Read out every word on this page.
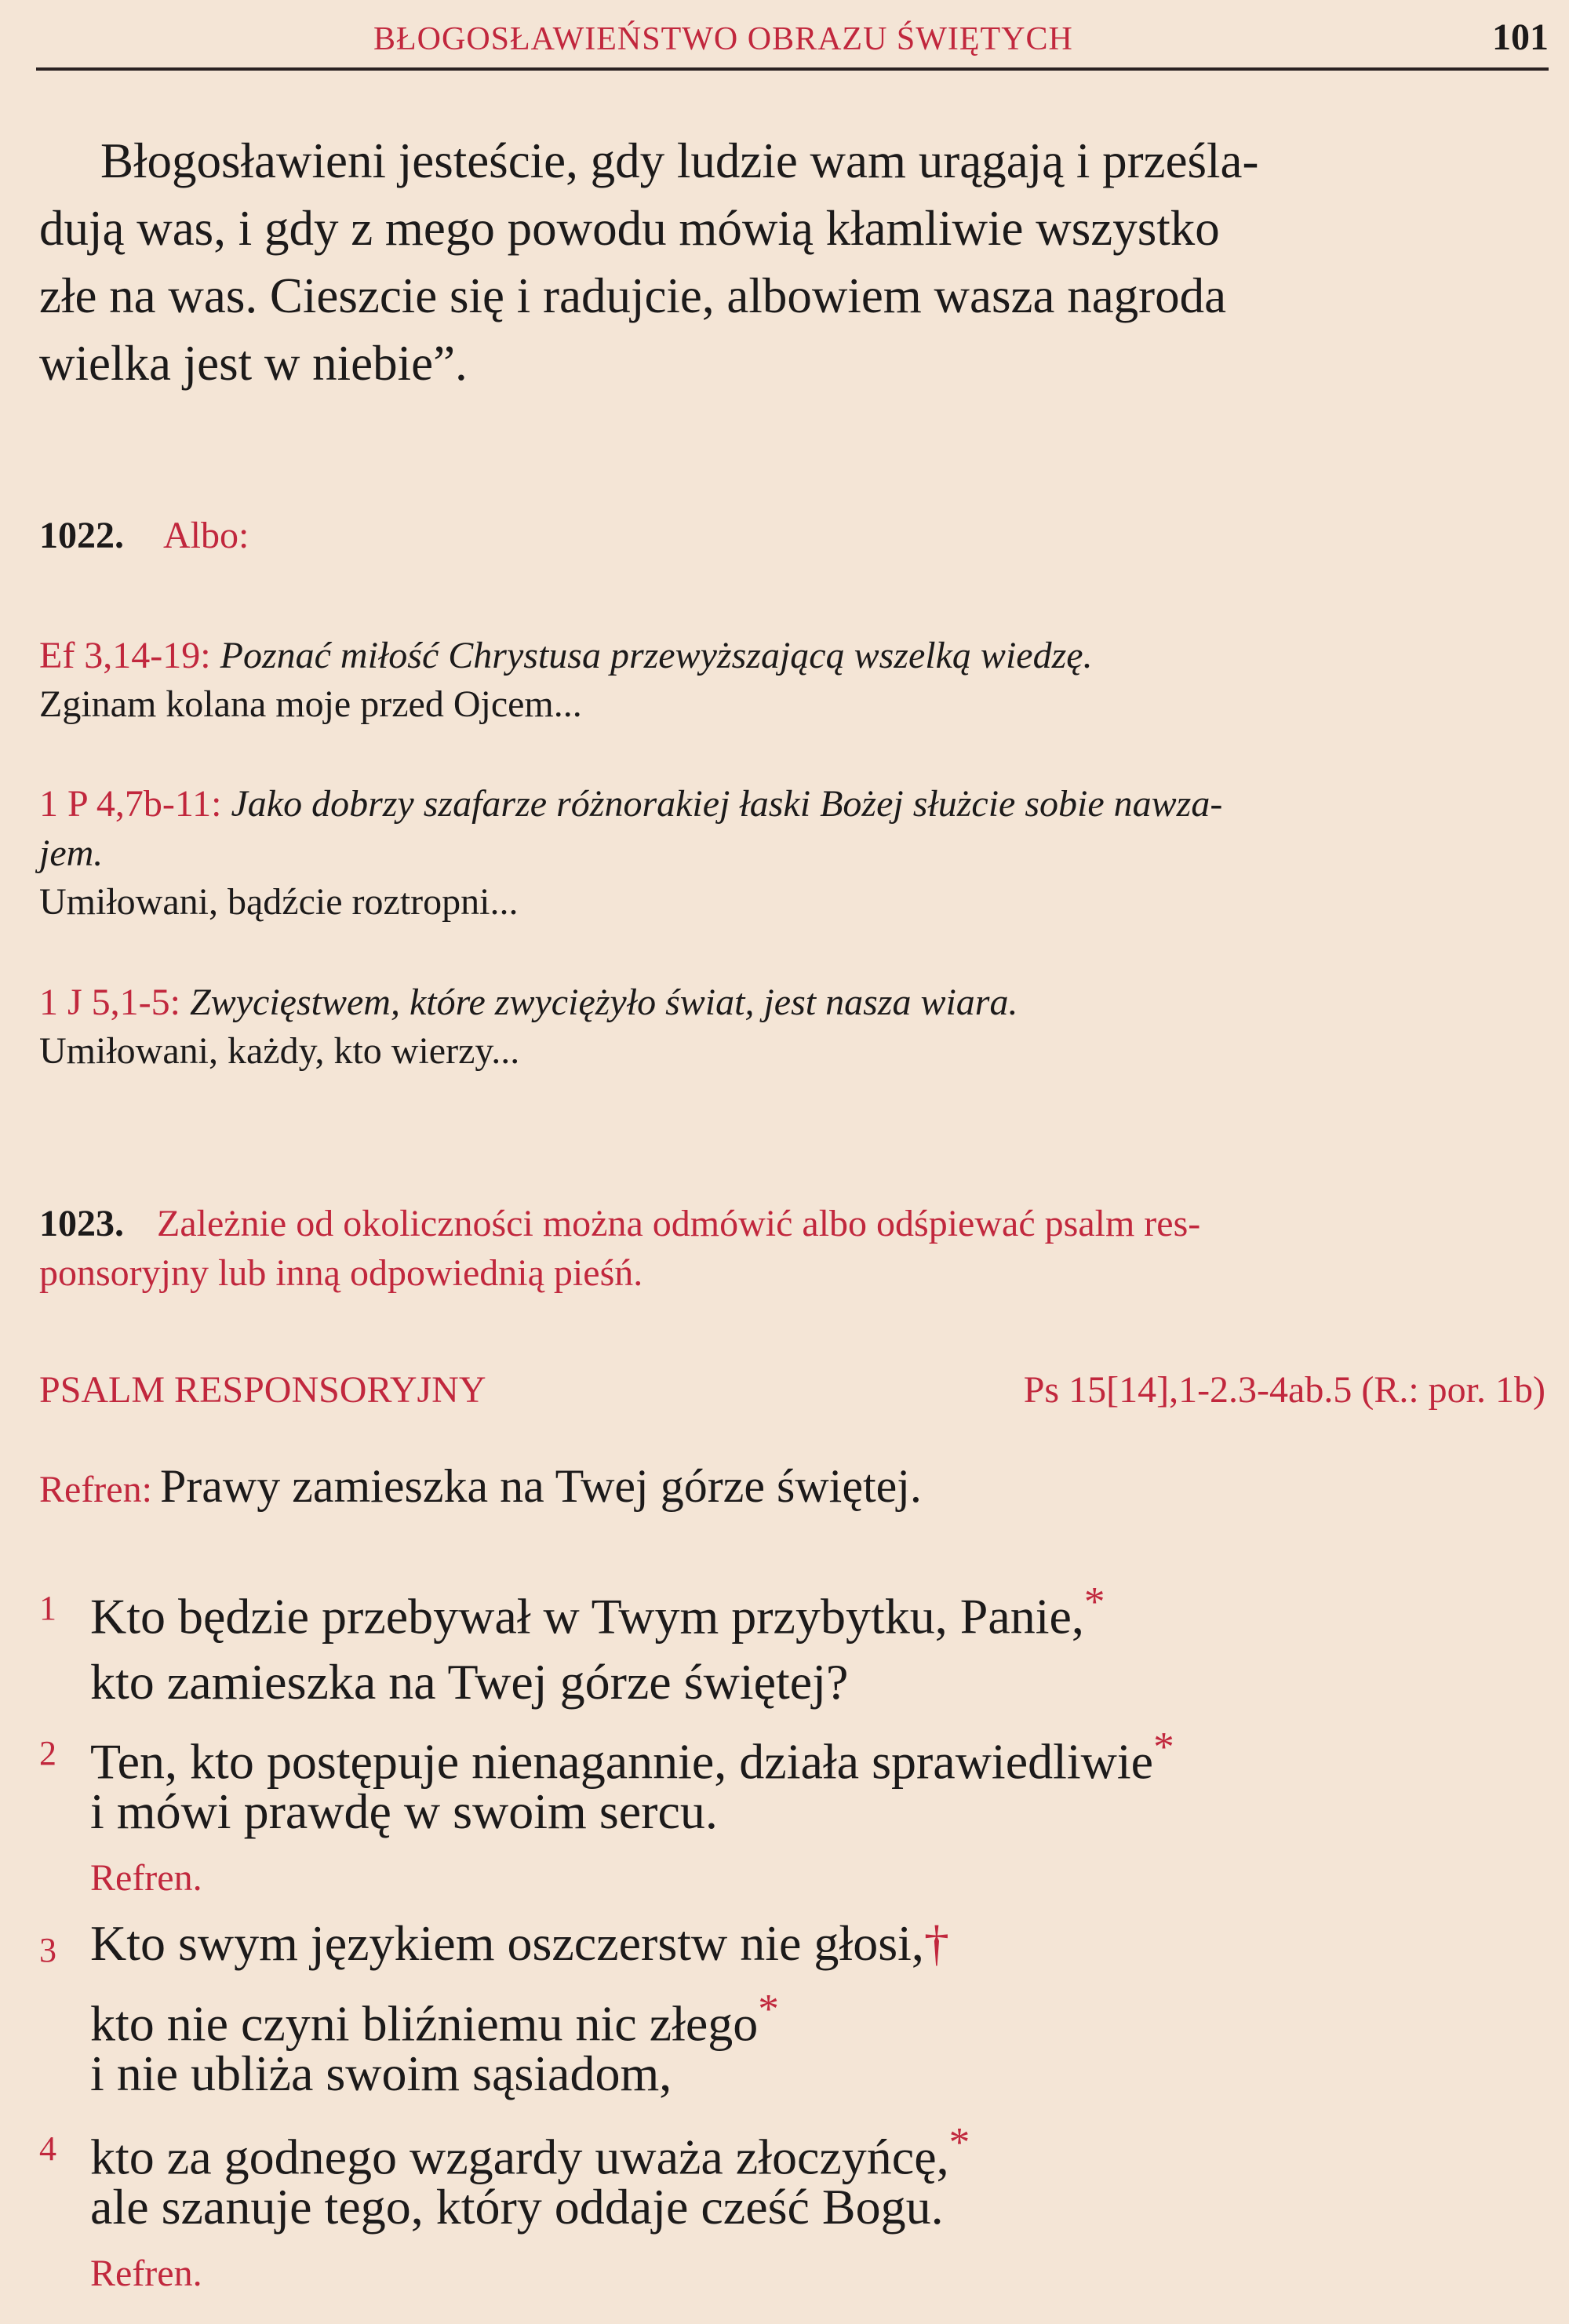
BŁOGOSŁAWIEŃSTWO OBRAZU ŚWIĘTYCH	101
Błogosławieni jesteście, gdy ludzie wam urągają i prześla-
dują was, i gdy z mego powodu mówią kłamliwie wszystko
złe na was. Cieszcie się i radujcie, albowiem wasza nagroda
wielka jest w niebie”.
1022. Albo:
Ef 3,14-19: Poznać miłość Chrystusa przewyższającą wszelką wiedzę.
Zginam kolana moje przed Ojcem...
1 P 4,7b-11: Jako dobrzy szafarze różnorakiej łaski Bożej służcie sobie nawza-
jem.
Umiłowani, bądźcie roztropni...
1 J 5,1-5: Zwycięstwem, które zwyciężyło świat, jest nasza wiara.
Umiłowani, każdy, kto wierzy...
1023. Zależnie od okoliczności można odmówić albo odśpiewać psalm res-
ponsoryjny lub inną odpowiednią pieśń.
PSALM RESPONSORYJNY	Ps 15[14],1-2.3-4ab.5 (R.: por. 1b)
Refren: Prawy zamieszka na Twej górze świętej.
1 Kto będzie przebywał w Twym przybytku, Panie,*
kto zamieszka na Twej górze świętej?
2 Ten, kto postępuje nienagannie, działa sprawiedliwie*
i mówi prawdę w swoim sercu.
Refren.
3 Kto swym językiem oszczerstw nie głosi,†
kto nie czyni bliźniemu nic złego*
i nie ubliża swoim sąsiadom,
4 kto za godnego wzgardy uważa złoczyńcę,*
ale szanuje tego, który oddaje cześć Bogu.
Refren.
